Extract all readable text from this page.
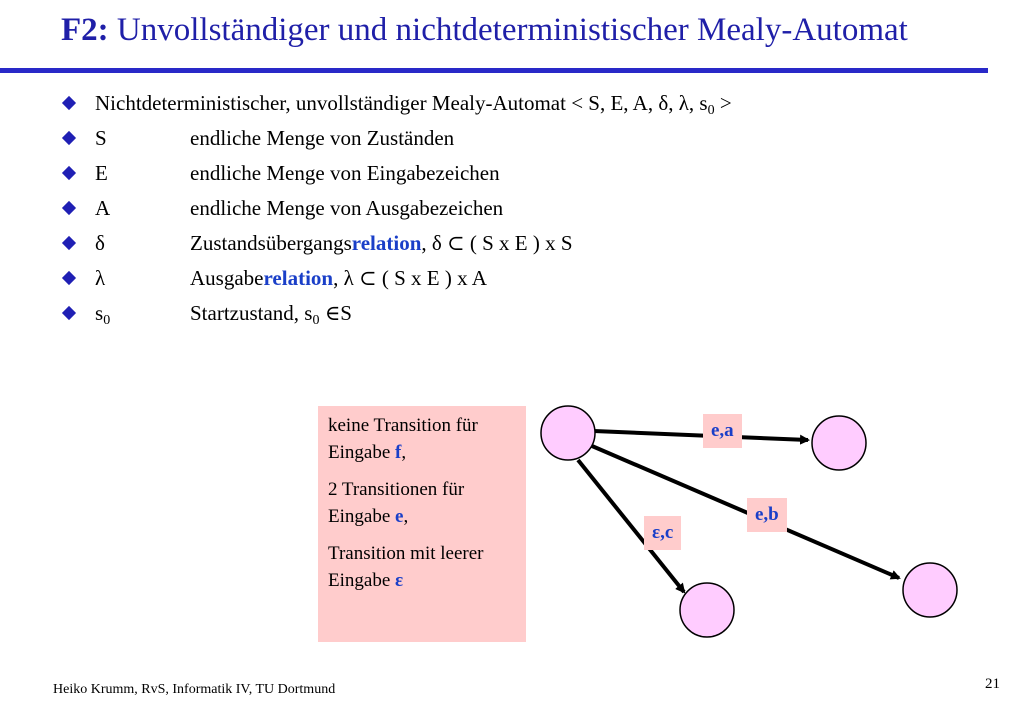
F2: Unvollständiger und nichtdeterministischer Mealy-Automat
Nichtdeterministischer, unvollständiger Mealy-Automat < S, E, A, δ, λ, $s_0$ >
S	endliche Menge von Zuständen
E	endliche Menge von Eingabezeichen
A	endliche Menge von Ausgabezeichen
δ	Zustandsübergangsrelation, δ ⊂ ( S x E ) x S
λ	Ausgaberelation, λ ⊂ ( S x E ) x A
$s_0$	Startzustand, $s_0$ ∈S

keine Transition für Eingabe f,

2 Transitionen für Eingabe e,

Transition mit leerer Eingabe ε

e,a
e,b
ε,c
Heiko Krumm, RvS, Informatik IV, TU Dortmund	21
